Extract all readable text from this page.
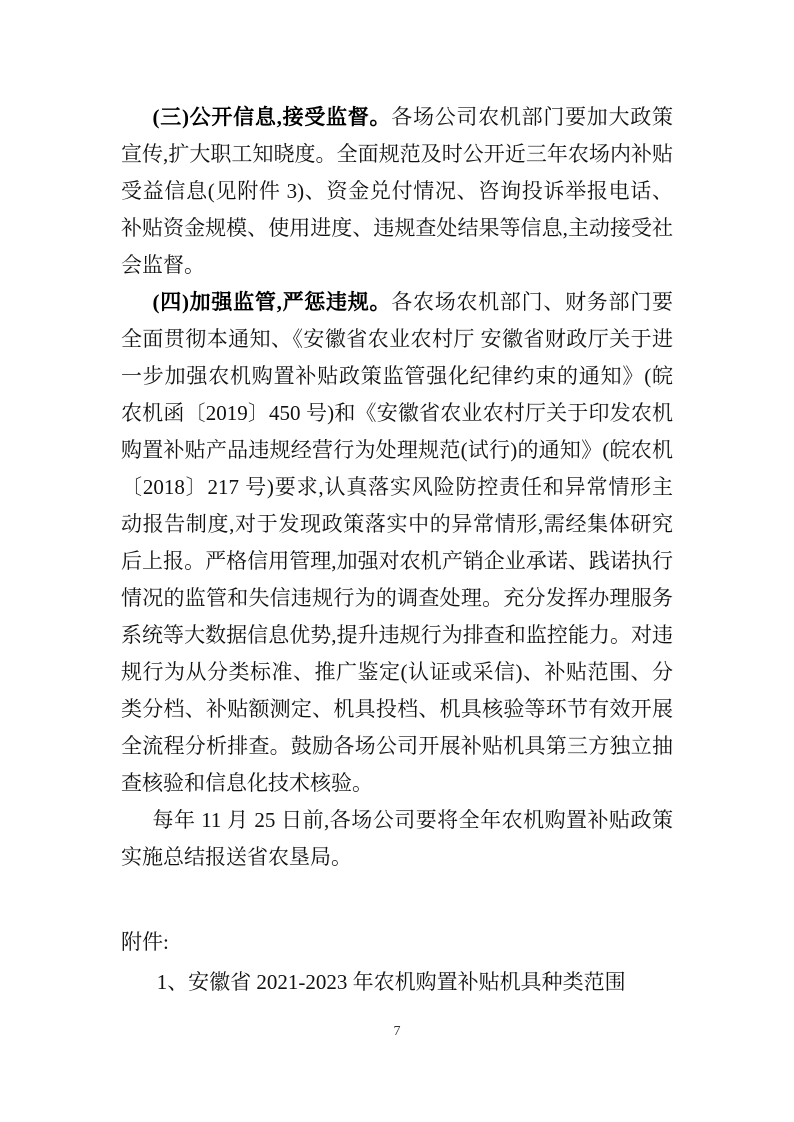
(三)公开信息,接受监督。各场公司农机部门要加大政策宣传,扩大职工知晓度。全面规范及时公开近三年农场内补贴受益信息(见附件 3)、资金兑付情况、咨询投诉举报电话、补贴资金规模、使用进度、违规查处结果等信息,主动接受社会监督。

(四)加强监管,严惩违规。各农场农机部门、财务部门要全面贯彻本通知、《安徽省农业农村厅 安徽省财政厅关于进一步加强农机购置补贴政策监管强化纪律约束的通知》(皖农机函〔2019〕450 号)和《安徽省农业农村厅关于印发农机购置补贴产品违规经营行为处理规范(试行)的通知》(皖农机〔2018〕217 号)要求,认真落实风险防控责任和异常情形主动报告制度,对于发现政策落实中的异常情形,需经集体研究后上报。严格信用管理,加强对农机产销企业承诺、践诺执行情况的监管和失信违规行为的调查处理。充分发挥办理服务系统等大数据信息优势,提升违规行为排查和监控能力。对违规行为从分类标准、推广鉴定(认证或采信)、补贴范围、分类分档、补贴额测定、机具投档、机具核验等环节有效开展全流程分析排查。鼓励各场公司开展补贴机具第三方独立抽查核验和信息化技术核验。

每年 11 月 25 日前,各场公司要将全年农机购置补贴政策实施总结报送省农垦局。

附件:

1、安徽省 2021-2023 年农机购置补贴机具种类范围

7
